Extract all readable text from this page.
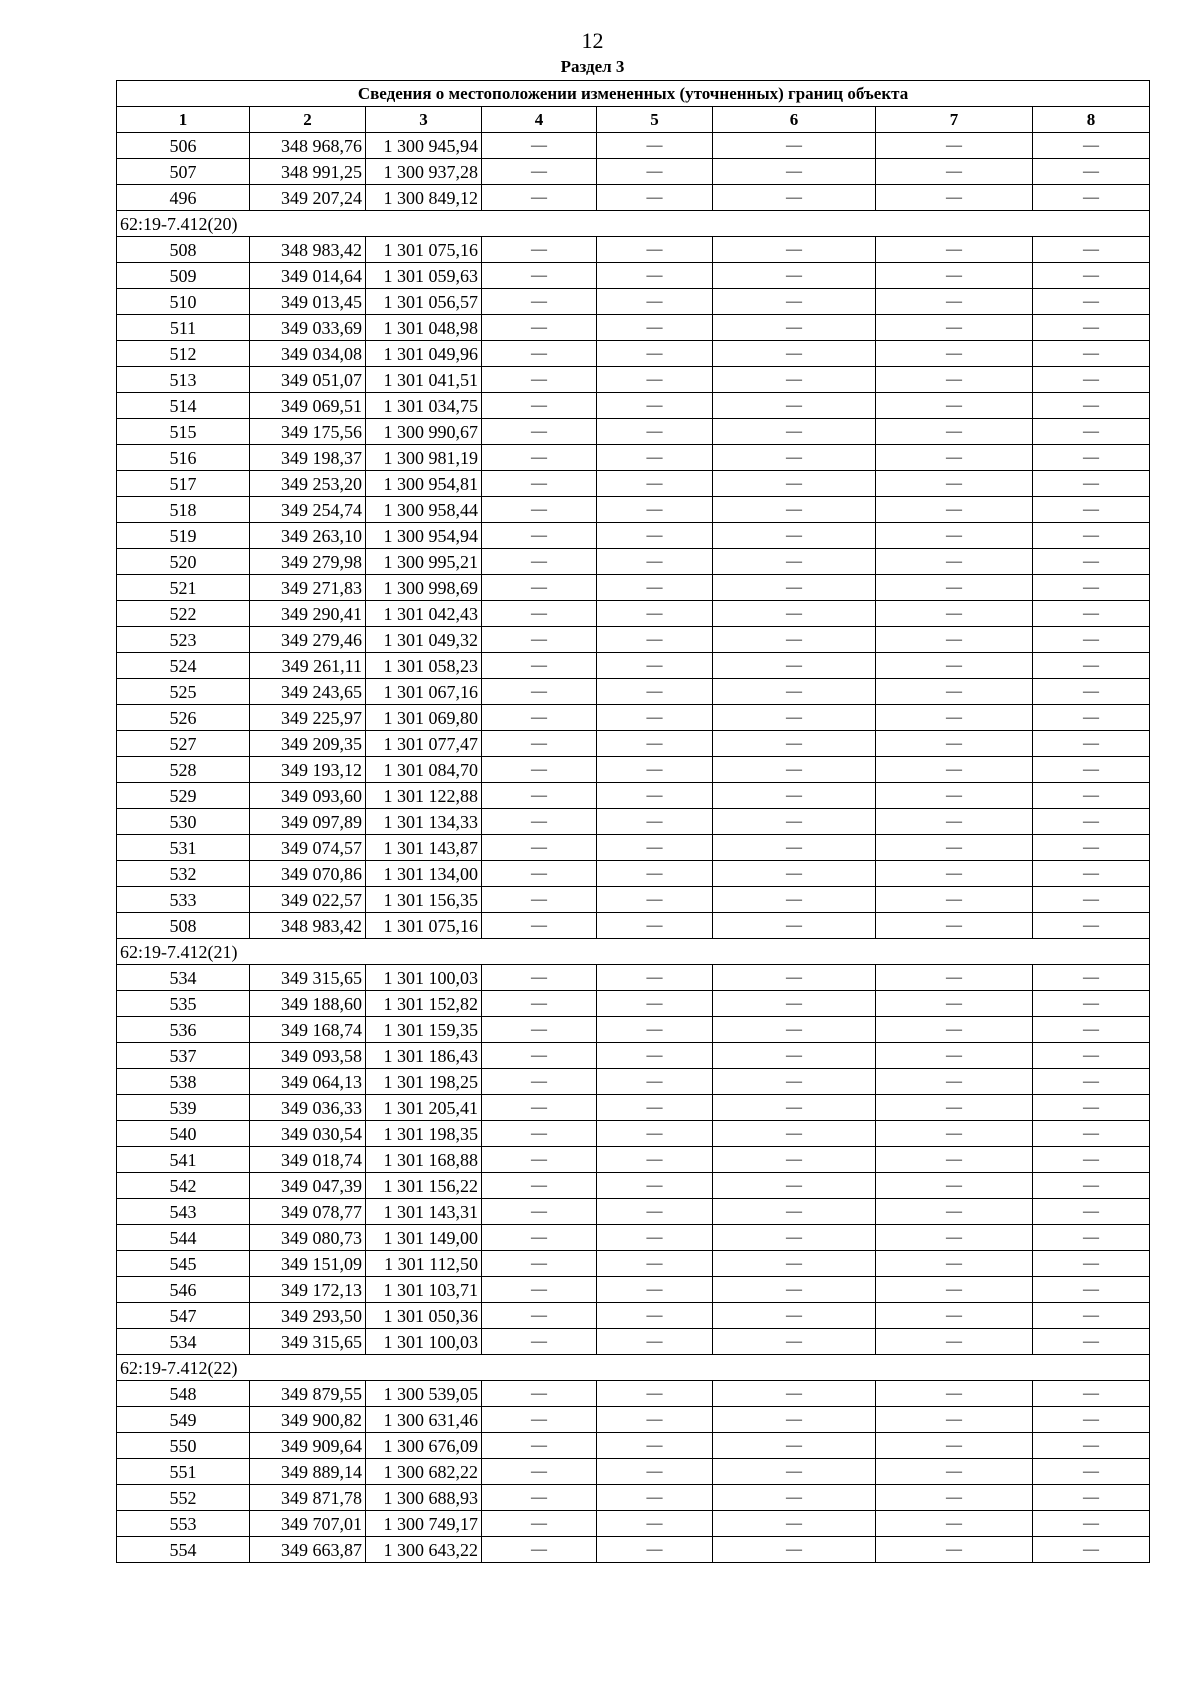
12
Раздел 3
Сведения о местоположении измененных (уточненных) границ объекта							
1	2	3	4	5	6	7	8
506	348 968,76	1 300 945,94	—	—	—	—	—
507	348 991,25	1 300 937,28	—	—	—	—	—
496	349 207,24	1 300 849,12	—	—	—	—	—
62:19-7.412(20)							
508	348 983,42	1 301 075,16	—	—	—	—	—
509	349 014,64	1 301 059,63	—	—	—	—	—
510	349 013,45	1 301 056,57	—	—	—	—	—
511	349 033,69	1 301 048,98	—	—	—	—	—
512	349 034,08	1 301 049,96	—	—	—	—	—
513	349 051,07	1 301 041,51	—	—	—	—	—
514	349 069,51	1 301 034,75	—	—	—	—	—
515	349 175,56	1 300 990,67	—	—	—	—	—
516	349 198,37	1 300 981,19	—	—	—	—	—
517	349 253,20	1 300 954,81	—	—	—	—	—
518	349 254,74	1 300 958,44	—	—	—	—	—
519	349 263,10	1 300 954,94	—	—	—	—	—
520	349 279,98	1 300 995,21	—	—	—	—	—
521	349 271,83	1 300 998,69	—	—	—	—	—
522	349 290,41	1 301 042,43	—	—	—	—	—
523	349 279,46	1 301 049,32	—	—	—	—	—
524	349 261,11	1 301 058,23	—	—	—	—	—
525	349 243,65	1 301 067,16	—	—	—	—	—
526	349 225,97	1 301 069,80	—	—	—	—	—
527	349 209,35	1 301 077,47	—	—	—	—	—
528	349 193,12	1 301 084,70	—	—	—	—	—
529	349 093,60	1 301 122,88	—	—	—	—	—
530	349 097,89	1 301 134,33	—	—	—	—	—
531	349 074,57	1 301 143,87	—	—	—	—	—
532	349 070,86	1 301 134,00	—	—	—	—	—
533	349 022,57	1 301 156,35	—	—	—	—	—
508	348 983,42	1 301 075,16	—	—	—	—	—
62:19-7.412(21)							
534	349 315,65	1 301 100,03	—	—	—	—	—
535	349 188,60	1 301 152,82	—	—	—	—	—
536	349 168,74	1 301 159,35	—	—	—	—	—
537	349 093,58	1 301 186,43	—	—	—	—	—
538	349 064,13	1 301 198,25	—	—	—	—	—
539	349 036,33	1 301 205,41	—	—	—	—	—
540	349 030,54	1 301 198,35	—	—	—	—	—
541	349 018,74	1 301 168,88	—	—	—	—	—
542	349 047,39	1 301 156,22	—	—	—	—	—
543	349 078,77	1 301 143,31	—	—	—	—	—
544	349 080,73	1 301 149,00	—	—	—	—	—
545	349 151,09	1 301 112,50	—	—	—	—	—
546	349 172,13	1 301 103,71	—	—	—	—	—
547	349 293,50	1 301 050,36	—	—	—	—	—
534	349 315,65	1 301 100,03	—	—	—	—	—
62:19-7.412(22)							
548	349 879,55	1 300 539,05	—	—	—	—	—
549	349 900,82	1 300 631,46	—	—	—	—	—
550	349 909,64	1 300 676,09	—	—	—	—	—
551	349 889,14	1 300 682,22	—	—	—	—	—
552	349 871,78	1 300 688,93	—	—	—	—	—
553	349 707,01	1 300 749,17	—	—	—	—	—
554	349 663,87	1 300 643,22	—	—	—	—	—
